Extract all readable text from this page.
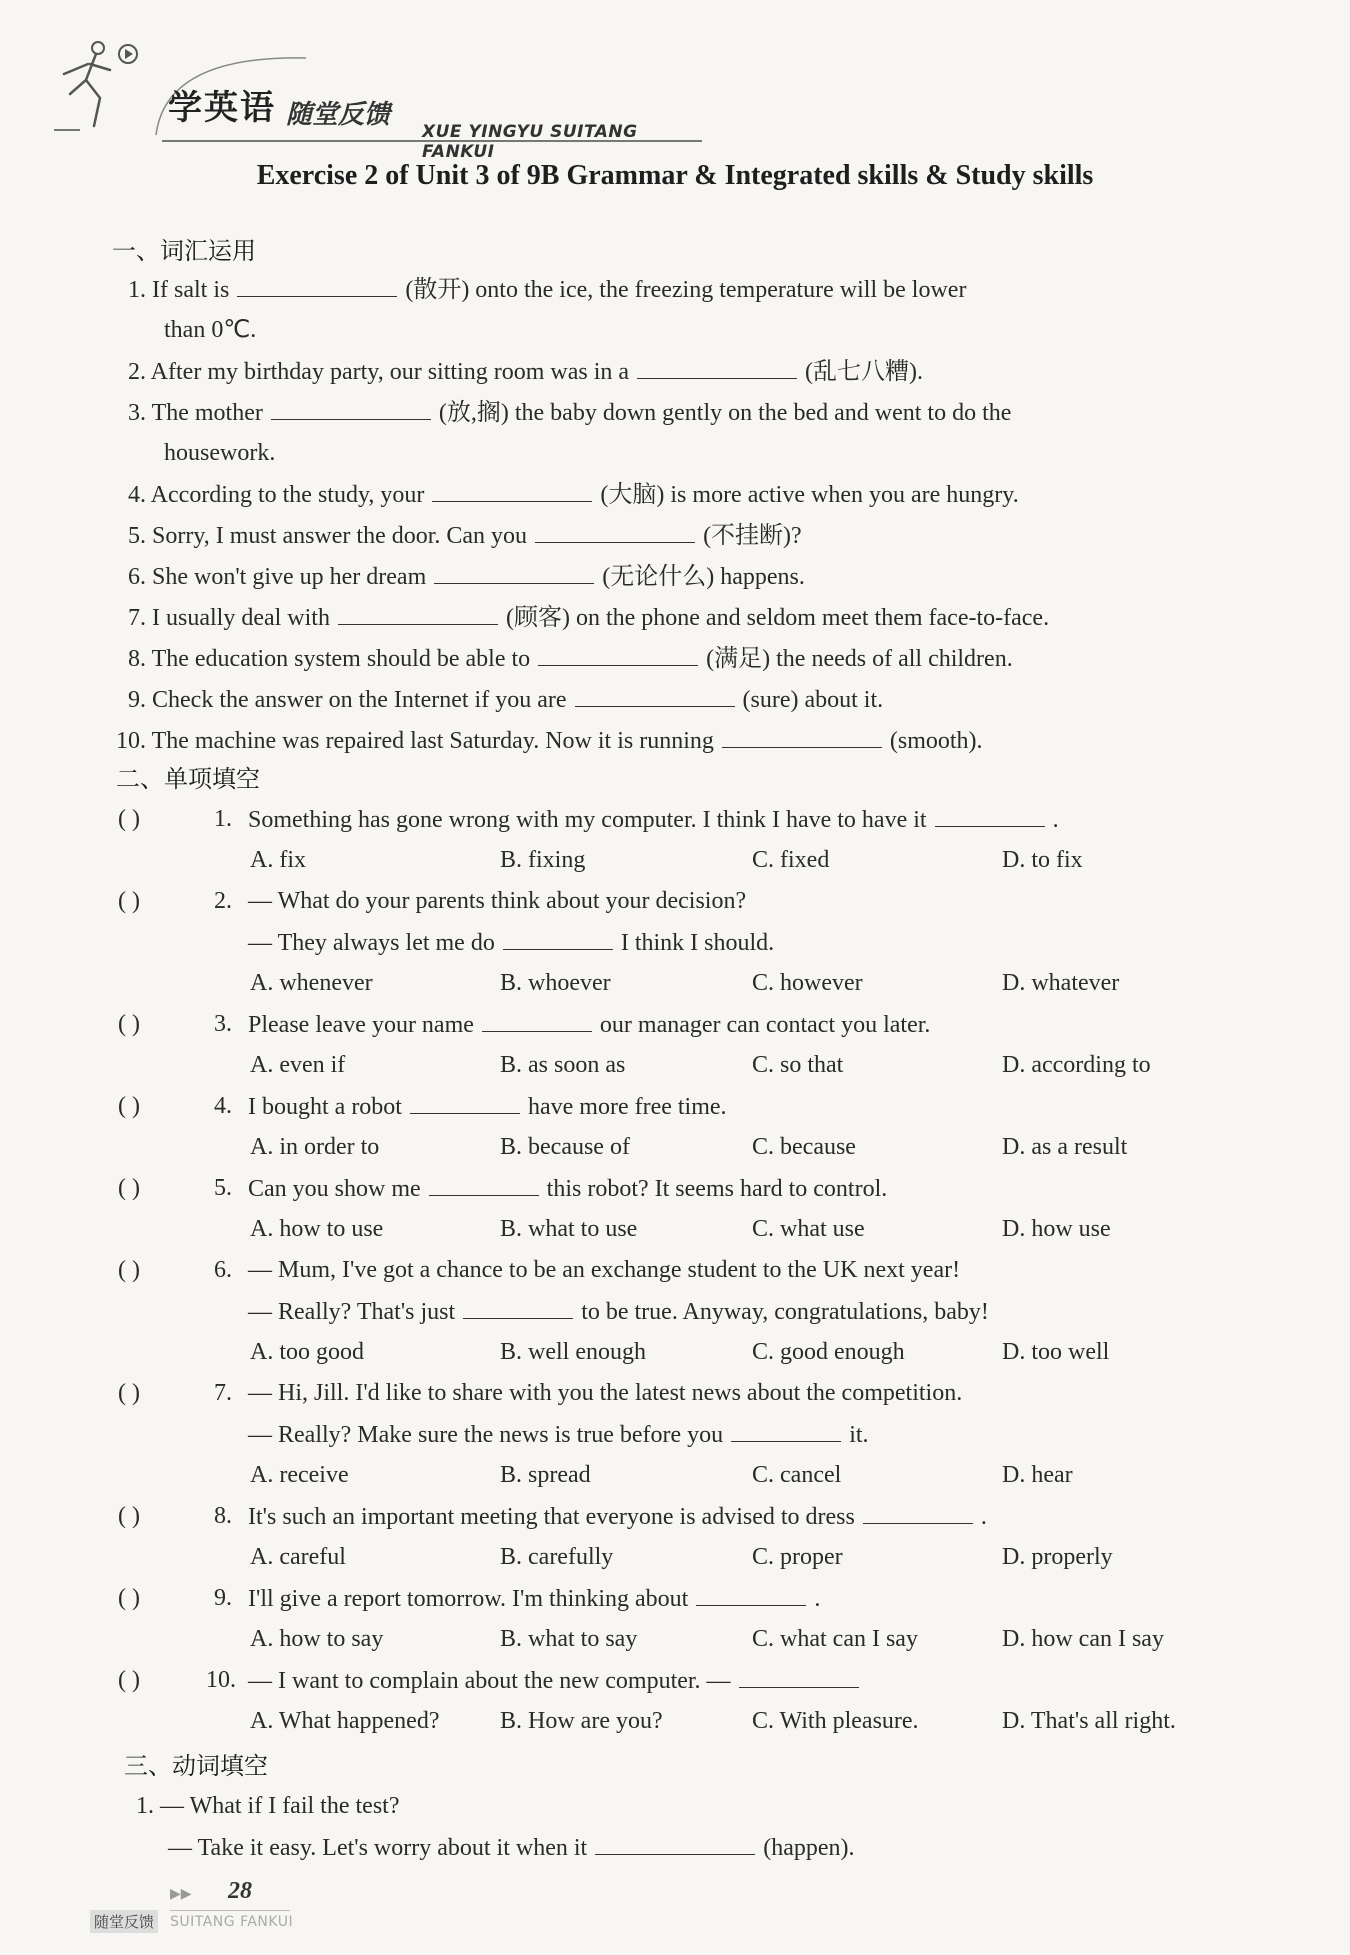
学英语 随堂反馈
XUE YINGYU SUITANG FANKUI
Exercise 2 of Unit 3 of 9B Grammar & Integrated skills & Study skills
一、词汇运用
1. If salt is	(散开) onto the ice, the freezing temperature will be lower
than 0℃.
2. After my birthday party, our sitting room was in a	(乱七八糟).
3. The mother	(放,搁) the baby down gently on the bed and went to do the
housework.
4. According to the study, your	(大脑) is more active when you are hungry.
5. Sorry, I must answer the door. Can you	(不挂断)?
6. She won't give up her dream	(无论什么) happens.
7. I usually deal with	(顾客) on the phone and seldom meet them face-to-face.
8. The education system should be able to	(满足) the needs of all children.
9. Check the answer on the Internet if you are	(sure) about it.
10. The machine was repaired last Saturday. Now it is running	(smooth).
二、单项填空
( )	1. Something has gone wrong with my computer. I think I have to have it	.
A. fix	B. fixing	C. fixed	D. to fix
( )	2. — What do your parents think about your decision?
— They always let me do	I think I should.
A. whenever	B. whoever	C. however	D. whatever
( )	3. Please leave your name	our manager can contact you later.
A. even if	B. as soon as	C. so that	D. according to
( )	4. I bought a robot	have more free time.
A. in order to	B. because of	C. because	D. as a result
( )	5. Can you show me	this robot? It seems hard to control.
A. how to use	B. what to use	C. what use	D. how use
( )	6. — Mum, I've got a chance to be an exchange student to the UK next year!
— Really? That's just	to be true. Anyway, congratulations, baby!
A. too good	B. well enough	C. good enough	D. too well
( )	7. — Hi, Jill. I'd like to share with you the latest news about the competition.
— Really? Make sure the news is true before you	it.
A. receive	B. spread	C. cancel	D. hear
( )	8. It's such an important meeting that everyone is advised to dress	.
A. careful	B. carefully	C. proper	D. properly
( )	9. I'll give a report tomorrow. I'm thinking about	.
A. how to say	B. what to say	C. what can I say	D. how can I say
( )	10. — I want to complain about the new computer. —
A. What happened?	B. How are you?	C. With pleasure.	D. That's all right.
三、动词填空
1. — What if I fail the test?
— Take it easy. Let's worry about it when it	(happen).
▶▶ 28
随堂反馈 SUITANG FANKUI
